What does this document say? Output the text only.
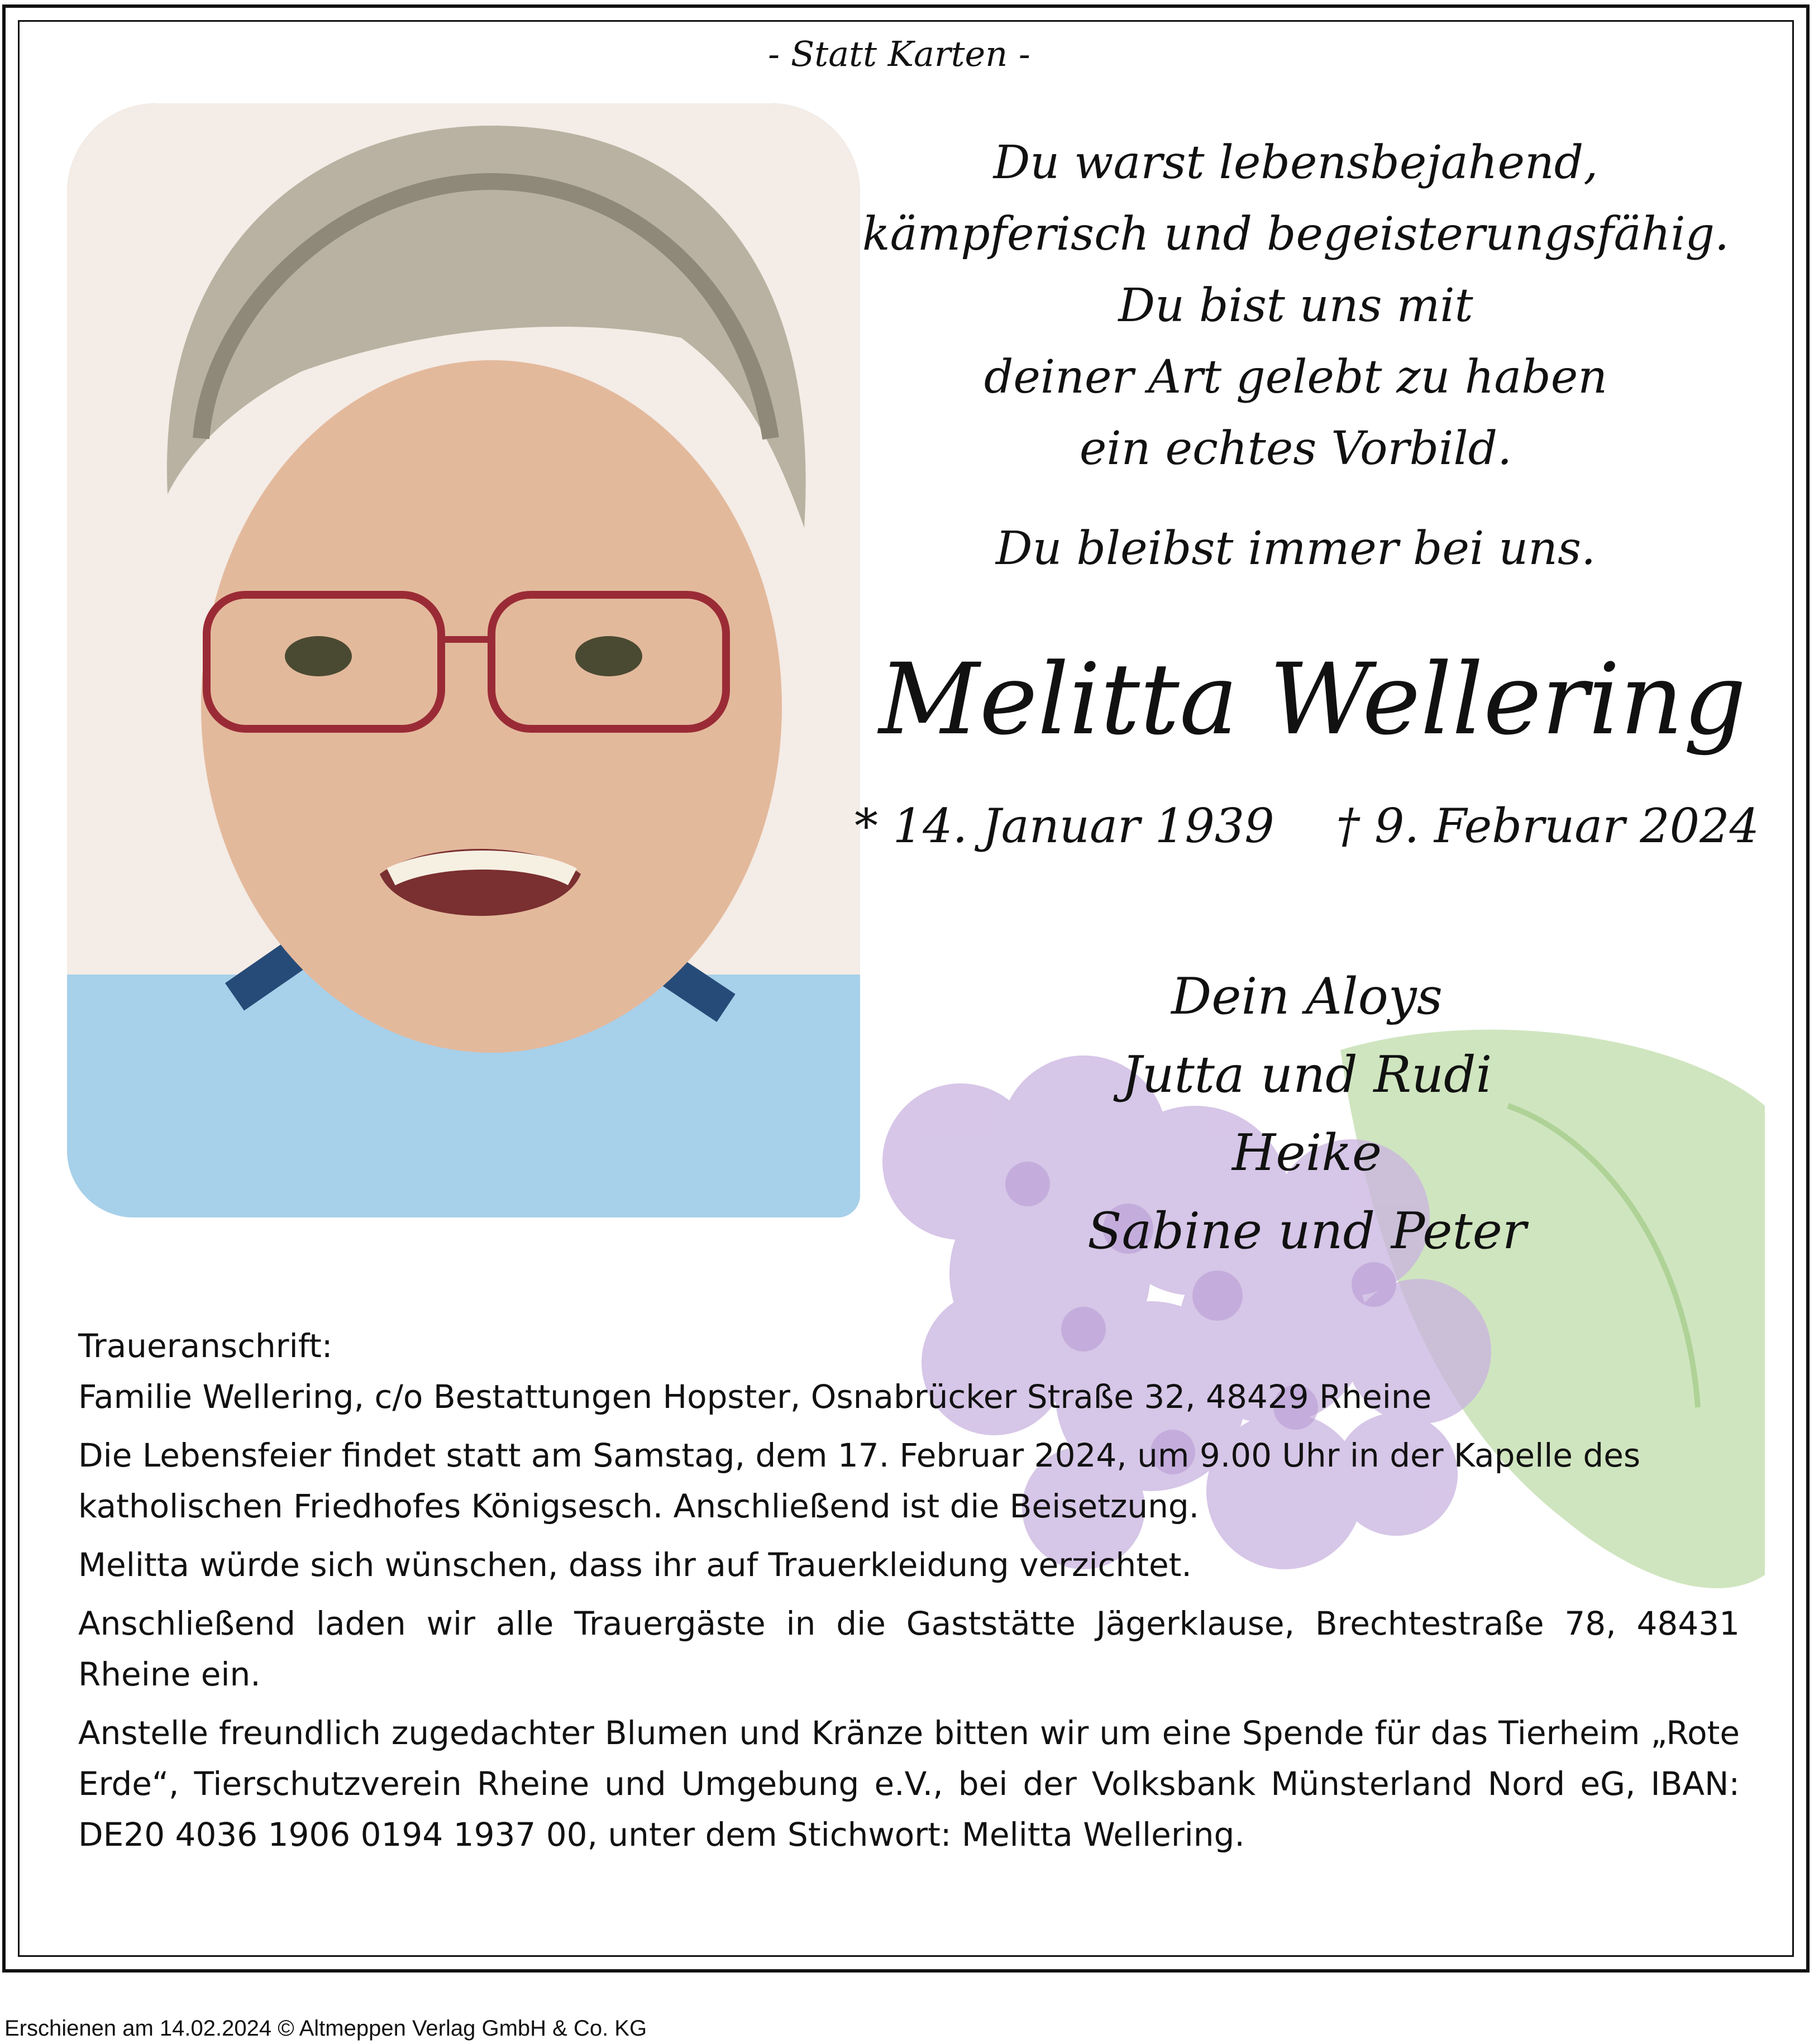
- Statt Karten -
Du warst lebensbejahend,
kämpferisch und begeisterungsfähig.
Du bist uns mit
deiner Art gelebt zu haben
ein echtes Vorbild.
Du bleibst immer bei uns.
Melitta Wellering
* 14. Januar 1939 † 9. Februar 2024
Dein Aloys
Jutta und Rudi
Heike
Sabine und Peter

Traueranschrift:
Familie Wellering, c/o Bestattungen Hopster, Osnabrücker Straße 32, 48429 Rheine

Die Lebensfeier findet statt am Samstag, dem 17. Februar 2024, um 9.00 Uhr in der Kapelle des katholischen Friedhofes Königsesch. Anschließend ist die Beisetzung.

Melitta würde sich wünschen, dass ihr auf Trauerkleidung verzichtet.

Anschließend laden wir alle Trauergäste in die Gaststätte Jägerklause, Brechtestraße 78, 48431 Rheine ein.

Anstelle freundlich zugedachter Blumen und Kränze bitten wir um eine Spende für das Tierheim „Rote Erde“, Tierschutzverein Rheine und Umgebung e.V., bei der Volksbank Münsterland Nord eG, IBAN: DE20 4036 1906 0194 1937 00, unter dem Stichwort: Melitta Wellering.

Erschienen am 14.02.2024 © Altmeppen Verlag GmbH & Co. KG
